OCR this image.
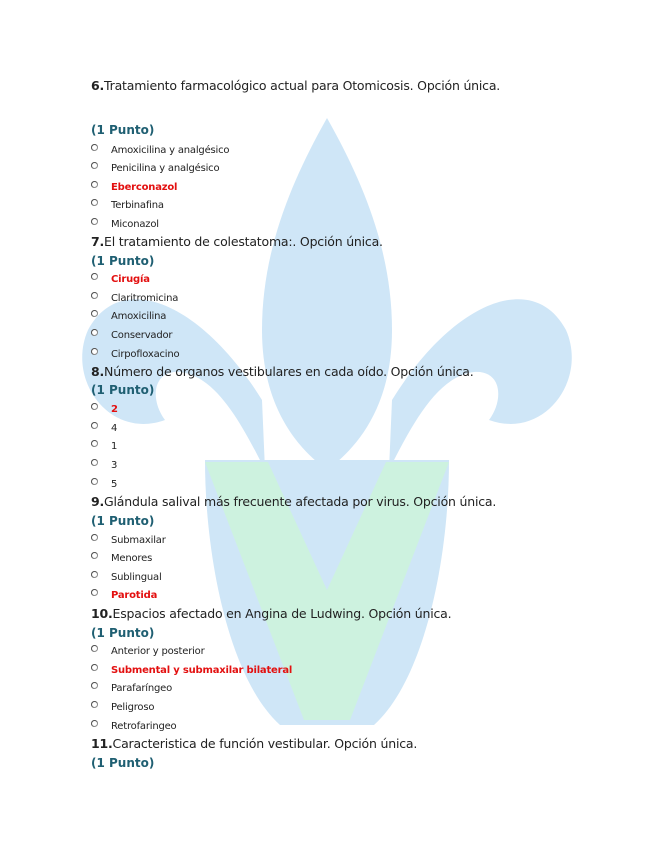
6.Tratamiento farmacológico actual para Otomicosis. Opción única.
(1 Punto)
Amoxicilina y analgésico
Penicilina y analgésico
Eberconazol
Terbinafina
Miconazol
7.El tratamiento de colestatoma:. Opción única.
(1 Punto)
Cirugía
Claritromicina
Amoxicilina
Conservador
Cirpofloxacino
8.Número de organos vestibulares en cada oído. Opción única.
(1 Punto)
2
4
1
3
5
9.Glándula salival más frecuente afectada por virus. Opción única.
(1 Punto)
Submaxilar
Menores
Sublingual
Parotida
10.Espacios afectado en Angina de Ludwing. Opción única.
(1 Punto)
Anterior y posterior
Submental y submaxilar bilateral
Parafaríngeo
Peligroso
Retrofaringeo
11.Caracteristica de función vestibular. Opción única.
(1 Punto)
